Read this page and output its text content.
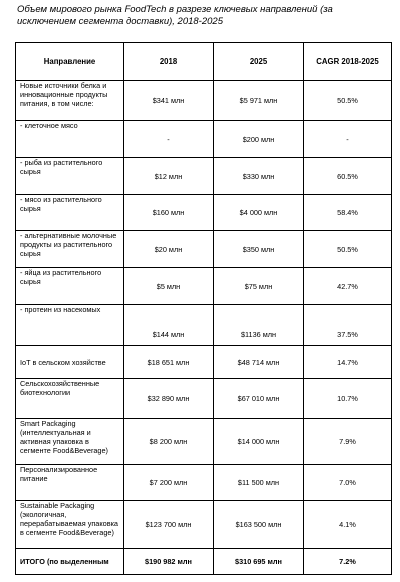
Объем мирового рынка FoodTech в разрезе ключевых направлений (за исключением сегмента доставки), 2018-2025
Направление	2018	2025	CAGR 2018-2025
Новые источники белка и инновационные продукты питания, в том числе:	$341 млн	$5 971 млн	50.5%
- клеточное мясо	-	$200 млн	-
- рыба из растительного сырья	$12 млн	$330 млн	60.5%
- мясо из растительного сырья	$160 млн	$4 000 млн	58.4%
- альтернативные молочные продукты из растительного сырья	$20 млн	$350 млн	50.5%
- яйца из растительного сырья	$5 млн	$75 млн	42.7%
- протеин из насекомых	$144 млн	$1136 млн	37.5%
IoT в сельском хозяйстве	$18 651 млн	$48 714 млн	14.7%
Сельскохозяйственные биотехнологии	$32 890 млн	$67 010 млн	10.7%
Smart Packaging (интеллектуальная и активная упаковка в сегменте Food&Beverage)	$8 200 млн	$14 000 млн	7.9%
Персонализированное питание	$7 200 млн	$11 500 млн	7.0%
Sustainable Packaging (экологичная, перерабатываемая упаковка в сегменте Food&Beverage)	$123 700 млн	$163 500 млн	4.1%
ИТОГО (по выделенным	$190 982 млн	$310 695 млн	7.2%
